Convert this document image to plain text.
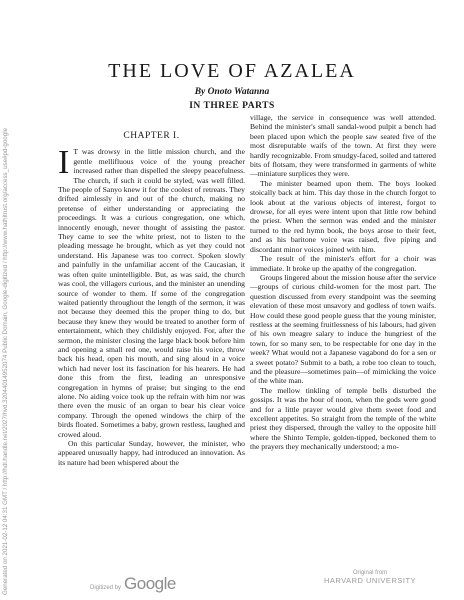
Generated on 2021-02-12 04:31 GMT / http://hdl.handle.net/2027/hvd.32044014952074 Public Domain, Google-digitized / http://www.hathitrust.org/access_use#pd-google
THE LOVE OF AZALEA
By Onoto Watanna
IN THREE PARTS
CHAPTER I.

I T was drowsy in the little mission church, and the gentle mellifluous voice of the young preacher increased rather than dispelled the sleepy peacefulness. The church, if such it could be styled, was well filled. The people of Sanyo knew it for the coolest of retreats. They drifted aimlessly in and out of the church, making no pretense of either understanding or appreciating the proceedings. It was a curious congregation, one which, innocently enough, never thought of assisting the pastor. They came to see the white priest, not to listen to the pleading message he brought, which as yet they could not understand. His Japanese was too correct. Spoken slowly and painfully in the unfamiliar accent of the Caucasian, it was often quite unintelligible. But, as was said, the church was cool, the villagers curious, and the minister an unending source of wonder to them. If some of the congregation waited patiently throughout the length of the sermon, it was not because they deemed this the proper thing to do, but because they knew they would be treated to another form of entertainment, which they childishly enjoyed. For, after the sermon, the minister closing the large black book before him and opening a small red one, would raise his voice, throw back his head, open his mouth, and sing aloud in a voice which had never lost its fascination for his hearers. He had done this from the first, leading an unresponsive congregation in hymns of praise; but singing to the end alone. No aiding voice took up the refrain with him nor was there even the music of an organ to bear his clear voice company. Through the opened windows the chirp of the birds floated. Sometimes a baby, grown restless, laughed and crowed aloud.

On this particular Sunday, however, the minister, who appeared unusually happy, had introduced an innovation. As its nature had been whispered about the

village, the service in consequence was well attended. Behind the minister's small sandal-wood pulpit a bench had been placed upon which the people saw seated five of the most disreputable waifs of the town. At first they were hardly recognizable. From smudgy-faced, soiled and tattered bits of flotsam, they were transformed in garments of white—miniature surplices they were.

The minister beamed upon them. The boys looked stoically back at him. This day those in the church forgot to look about at the various objects of interest, forgot to drowse, for all eyes were intent upon that little row behind the priest. When the sermon was ended and the minister turned to the red hymn book, the boys arose to their feet, and as his baritone voice was raised, five piping and discordant minor voices joined with him.

The result of the minister's effort for a choir was immediate. It broke up the apathy of the congregation.

Groups lingered about the mission house after the service—groups of curious child-women for the most part. The question discussed from every standpoint was the seeming elevation of these most unsavory and godless of town waifs. How could these good people guess that the young minister, restless at the seeming fruitlessness of his labours, had given of his own meagre salary to induce the hungriest of the town, for so many sen, to be respectable for one day in the week? What would not a Japanese vagabond do for a sen or a sweet potato? Submit to a bath, a robe too clean to touch, and the pleasure—sometimes pain—of mimicking the voice of the white man.

The mellow tinkling of temple bells disturbed the gossips. It was the hour of noon, when the gods were good and for a little prayer would give them sweet food and excellent appetites. So straight from the temple of the white priest they dispersed, through the valley to the opposite hill where the Shinto Temple, golden-tipped, beckoned them to the prayers they mechanically understood; a mo-

Digitized by Google
Original from
HARVARD UNIVERSITY
